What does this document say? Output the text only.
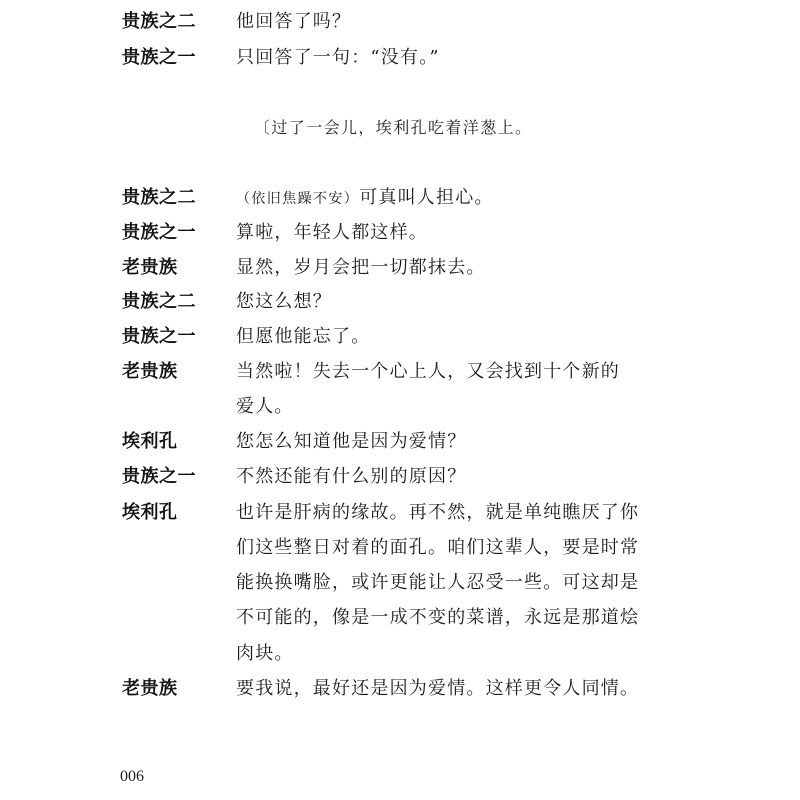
贵族之二 他回答了吗？
贵族之一 只回答了一句：“没有。”
〔过了一会儿，埃利孔吃着洋葱上。
贵族之二	（依旧焦躁不安）可真叫人担心。
贵族之一 算啦，年轻人都这样。
老贵族	显然，岁月会把一切都抹去。
贵族之二 您这么想？
贵族之一 但愿他能忘了。
老贵族	当然啦！失去一个心上人，又会找到十个新的
爱人。
埃利孔	您怎么知道他是因为爱情？
贵族之一 不然还能有什么别的原因？
埃利孔	也许是肝病的缘故。再不然，就是单纯瞧厌了你
们这些整日对着的面孔。咱们这辈人，要是时常
能换换嘴脸，或许更能让人忍受一些。可这却是
不可能的，像是一成不变的菜谱，永远是那道烩
肉块。
老贵族	要我说，最好还是因为爱情。这样更令人同情。
006
